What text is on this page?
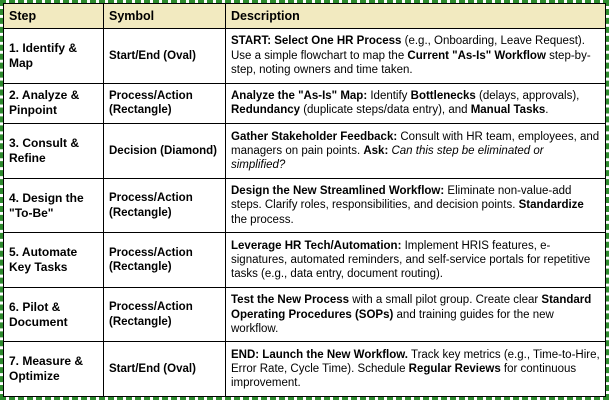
Step	Symbol	Description
1. Identify & Map	Start/End (Oval)	START: Select One HR Process (e.g., Onboarding, Leave Request). Use a simple flowchart to map the Current "As-Is" Workflow step-by-step, noting owners and time taken.
2. Analyze & Pinpoint	Process/Action (Rectangle)	Analyze the "As-Is" Map: Identify Bottlenecks (delays, approvals), Redundancy (duplicate steps/data entry), and Manual Tasks.
3. Consult & Refine	Decision (Diamond)	Gather Stakeholder Feedback: Consult with HR team, employees, and managers on pain points. Ask: Can this step be eliminated or simplified?
4. Design the "To-Be"	Process/Action (Rectangle)	Design the New Streamlined Workflow: Eliminate non-value-add steps. Clarify roles, responsibilities, and decision points. Standardize the process.
5. Automate Key Tasks	Process/Action (Rectangle)	Leverage HR Tech/Automation: Implement HRIS features, e-signatures, automated reminders, and self-service portals for repetitive tasks (e.g., data entry, document routing).
6. Pilot & Document	Process/Action (Rectangle)	Test the New Process with a small pilot group. Create clear Standard Operating Procedures (SOPs) and training guides for the new workflow.
7. Measure & Optimize	Start/End (Oval)	END: Launch the New Workflow. Track key metrics (e.g., Time-to-Hire, Error Rate, Cycle Time). Schedule Regular Reviews for continuous improvement.
